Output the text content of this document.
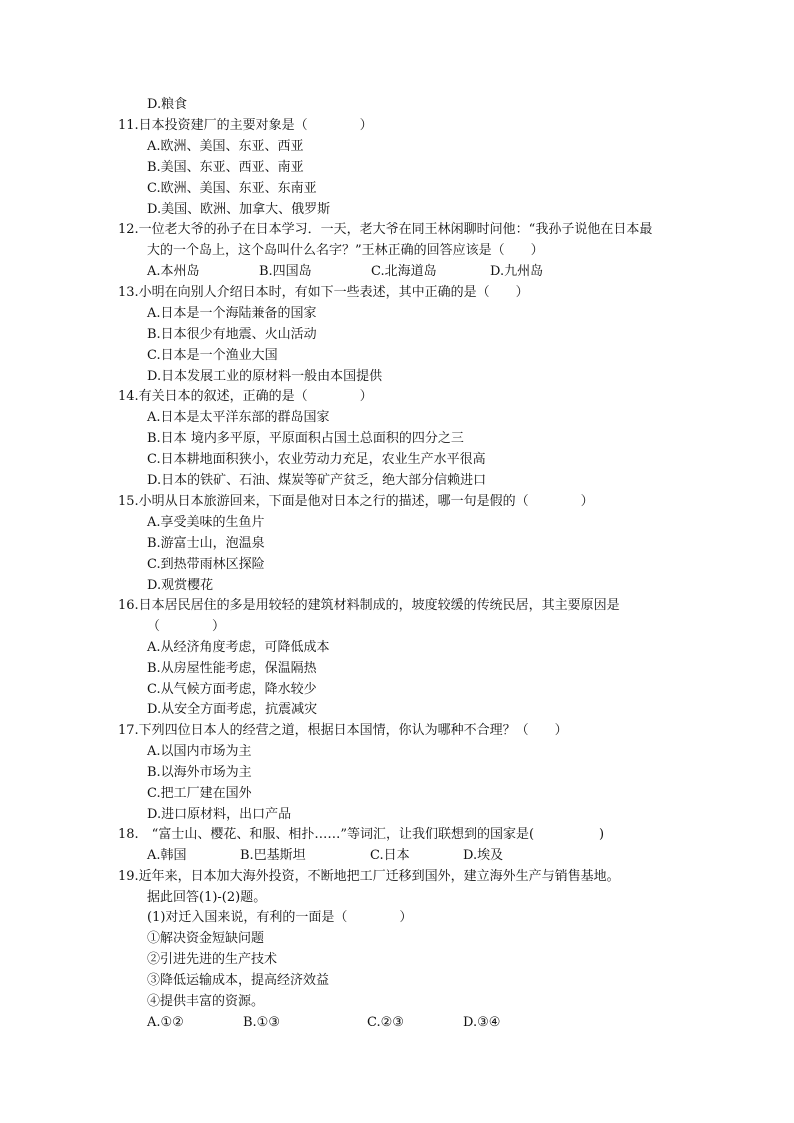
D.粮食
11.日本投资建厂的主要对象是（　　　　）
A.欧洲、美国、东亚、西亚
B.美国、东亚、西亚、南亚
C.欧洲、美国、东亚、东南亚
D.美国、欧洲、加拿大、俄罗斯
12.一位老大爷的孙子在日本学习．一天，老大爷在同王林闲聊时问他：“我孙子说他在日本最
大的一个岛上，这个岛叫什么名字？”王林正确的回答应该是（　　）
A.本州岛	B.四国岛	C.北海道岛	D.九州岛
13.小明在向别人介绍日本时，有如下一些表述，其中正确的是（　　）
A.日本是一个海陆兼备的国家
B.日本很少有地震、火山活动
C.日本是一个渔业大国
D.日本发展工业的原材料一般由本国提供
14.有关日本的叙述，正确的是（　　　　）
A.日本是太平洋东部的群岛国家
B.日本 境内多平原，平原面积占国土总面积的四分之三
C.日本耕地面积狭小，农业劳动力充足，农业生产水平很高
D.日本的铁矿、石油、煤炭等矿产贫乏，绝大部分信赖进口
15.小明从日本旅游回来，下面是他对日本之行的描述，哪一句是假的（　　　　）
A.享受美味的生鱼片
B.游富士山，泡温泉
C.到热带雨林区探险
D.观赏樱花
16.日本居民居住的多是用较轻的建筑材料制成的，坡度较缓的传统民居，其主要原因是
（　　　　）
A.从经济角度考虑，可降低成本
B.从房屋性能考虑，保温隔热
C.从气候方面考虑，降水较少
D.从安全方面考虑，抗震减灾
17.下列四位日本人的经营之道，根据日本国情，你认为哪种不合理？（　　）
A.以国内市场为主
B.以海外市场为主
C.把工厂建在国外
D.进口原材料，出口产品
18.　“富士山、樱花、和服、相扑……”等词汇，让我们联想到的国家是(　　　　　)
A.韩国	B.巴基斯坦	C.日本	D.埃及
19.近年来，日本加大海外投资，不断地把工厂迁移到国外，建立海外生产与销售基地。
据此回答(1)-(2)题。
(1)对迁入国来说，有利的一面是（　　　　）
①解决资金短缺问题
②引进先进的生产技术
③降低运输成本，提高经济效益
④提供丰富的资源。
A.①②	B.①③	C.②③	D.③④
